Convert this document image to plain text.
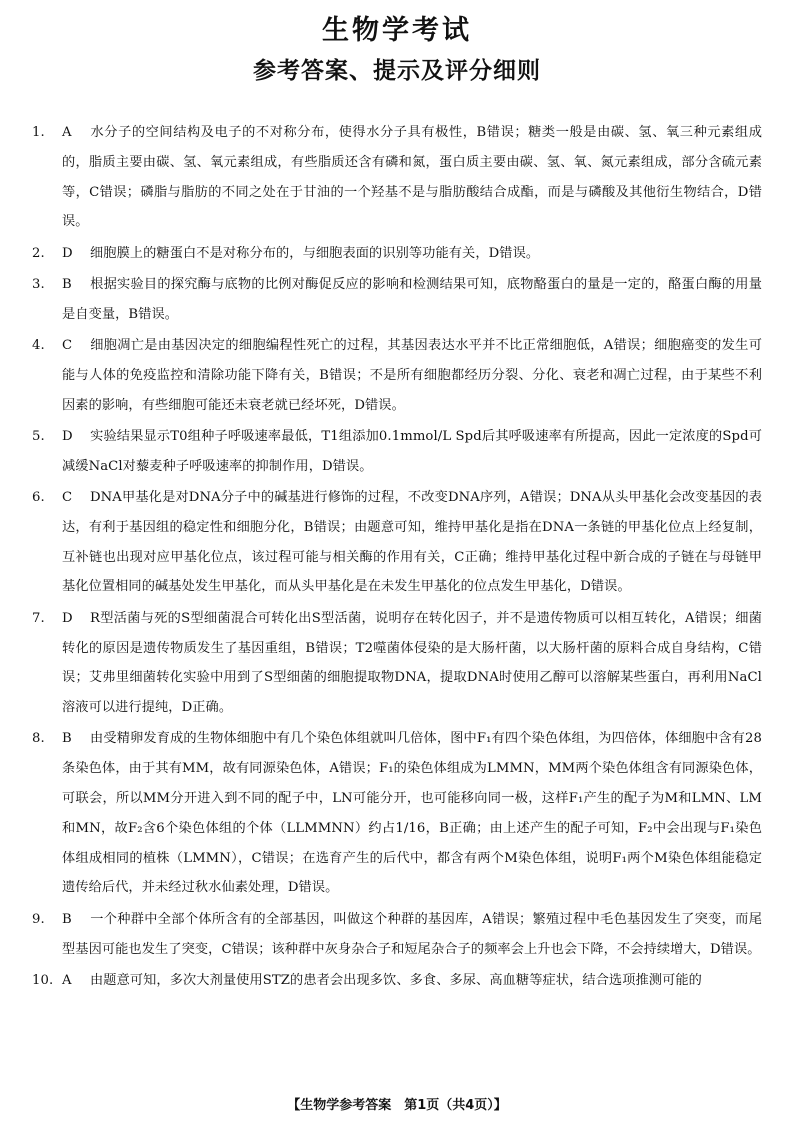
生物学考试
参考答案、提示及评分细则
1. A 水分子的空间结构及电子的不对称分布，使得水分子具有极性，B错误；糖类一般是由碳、氢、氧三种元素组成的，脂质主要由碳、氢、氧元素组成，有些脂质还含有磷和氮，蛋白质主要由碳、氢、氧、氮元素组成，部分含硫元素等，C错误；磷脂与脂肪的不同之处在于甘油的一个羟基不是与脂肪酸结合成酯，而是与磷酸及其他衍生物结合，D错误。
2. D 细胞膜上的糖蛋白不是对称分布的，与细胞表面的识别等功能有关，D错误。
3. B 根据实验目的探究酶与底物的比例对酶促反应的影响和检测结果可知，底物酪蛋白的量是一定的，酪蛋白酶的用量是自变量，B错误。
4. C 细胞凋亡是由基因决定的细胞编程性死亡的过程，其基因表达水平并不比正常细胞低，A错误；细胞癌变的发生可能与人体的免疫监控和清除功能下降有关，B错误；不是所有细胞都经历分裂、分化、衰老和凋亡过程，由于某些不利因素的影响，有些细胞可能还未衰老就已经坏死，D错误。
5. D 实验结果显示T0组种子呼吸速率最低，T1组添加0.1mmol/L Spd后其呼吸速率有所提高，因此一定浓度的Spd可减缓NaCl对藜麦种子呼吸速率的抑制作用，D错误。
6. C DNA甲基化是对DNA分子中的碱基进行修饰的过程，不改变DNA序列，A错误；DNA从头甲基化会改变基因的表达，有利于基因组的稳定性和细胞分化，B错误；由题意可知，维持甲基化是指在DNA一条链的甲基化位点上经复制，互补链也出现对应甲基化位点，该过程可能与相关酶的作用有关，C正确；维持甲基化过程中新合成的子链在与母链甲基化位置相同的碱基处发生甲基化，而从头甲基化是在未发生甲基化的位点发生甲基化，D错误。
7. D R型活菌与死的S型细菌混合可转化出S型活菌，说明存在转化因子，并不是遗传物质可以相互转化，A错误；细菌转化的原因是遗传物质发生了基因重组，B错误；T2噬菌体侵染的是大肠杆菌，以大肠杆菌的原料合成自身结构，C错误；艾弗里细菌转化实验中用到了S型细菌的细胞提取物DNA，提取DNA时使用乙醇可以溶解某些蛋白，再利用NaCl溶液可以进行提纯，D正确。
8. B 由受精卵发育成的生物体细胞中有几个染色体组就叫几倍体，图中F₁有四个染色体组，为四倍体，体细胞中含有28条染色体，由于其有MM，故有同源染色体，A错误；F₁的染色体组成为LMMN，MM两个染色体组含有同源染色体，可联会，所以MM分开进入到不同的配子中，LN可能分开，也可能移向同一极，这样F₁产生的配子为M和LMN、LM和MN，故F₂含6个染色体组的个体（LLMMNN）约占1/16，B正确；由上述产生的配子可知，F₂中会出现与F₁染色体组成相同的植株（LMMN），C错误；在选育产生的后代中，都含有两个M染色体组，说明F₁两个M染色体组能稳定遗传给后代，并未经过秋水仙素处理，D错误。
9. B 一个种群中全部个体所含有的全部基因，叫做这个种群的基因库，A错误；繁殖过程中毛色基因发生了突变，而尾型基因可能也发生了突变，C错误；该种群中灰身杂合子和短尾杂合子的频率会上升也会下降，不会持续增大，D错误。
10. A 由题意可知，多次大剂量使用STZ的患者会出现多饮、多食、多尿、高血糖等症状，结合选项推测可能的
【生物学参考答案　第1页（共4页）】
